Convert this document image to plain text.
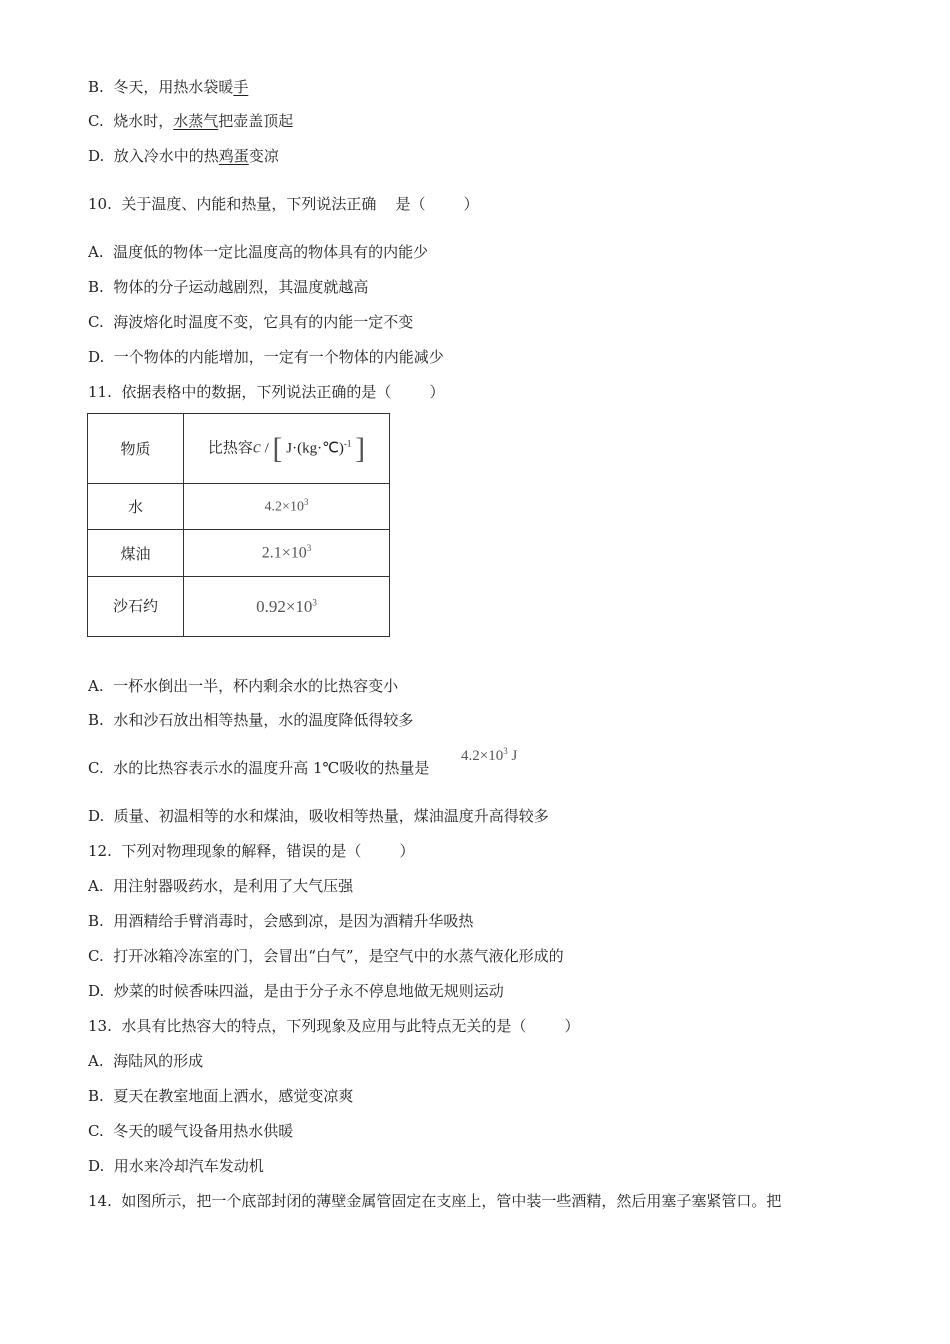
B.  冬天，用热水袋暖手
C.  烧水时，水蒸气把壶盖顶起
D.  放入冷水中的热鸡蛋变凉
10.  关于温度、内能和热量，下列说法正确    是（        ）
A.  温度低的物体一定比温度高的物体具有的内能少
B.  物体的分子运动越剧烈，其温度就越高
C.  海波熔化时温度不变，它具有的内能一定不变
D.  一个物体的内能增加，一定有一个物体的内能减少
11.  依据表格中的数据，下列说法正确的是（        ）
物质	比热容c / [ J·(kg·℃)$^{-1}$ ]
水	$4.2\times 10^3$
煤油	$2.1\times 10^3$
沙石约	$0.92\times 10^3$
A.  一杯水倒出一半，杯内剩余水的比热容变小
B.  水和沙石放出相等热量，水的温度降低得较多
C.  水的比热容表示水的温度升高 1℃吸收的热量是
$4.2\times 10^3$ J
D.  质量、初温相等的水和煤油，吸收相等热量，煤油温度升高得较多
12.  下列对物理现象的解释，错误的是（        ）
A.  用注射器吸药水，是利用了大气压强
B.  用酒精给手臂消毒时，会感到凉，是因为酒精升华吸热
C.  打开冰箱冷冻室的门，会冒出“白气”，是空气中的水蒸气液化形成的
D.  炒菜的时候香味四溢，是由于分子永不停息地做无规则运动
13.  水具有比热容大的特点，下列现象及应用与此特点无关的是（        ）
A.  海陆风的形成
B.  夏天在教室地面上洒水，感觉变凉爽
C.  冬天的暖气设备用热水供暖
D.  用水来冷却汽车发动机
14.  如图所示，把一个底部封闭的薄壁金属管固定在支座上，管中装一些酒精，然后用塞子塞紧管口。把
